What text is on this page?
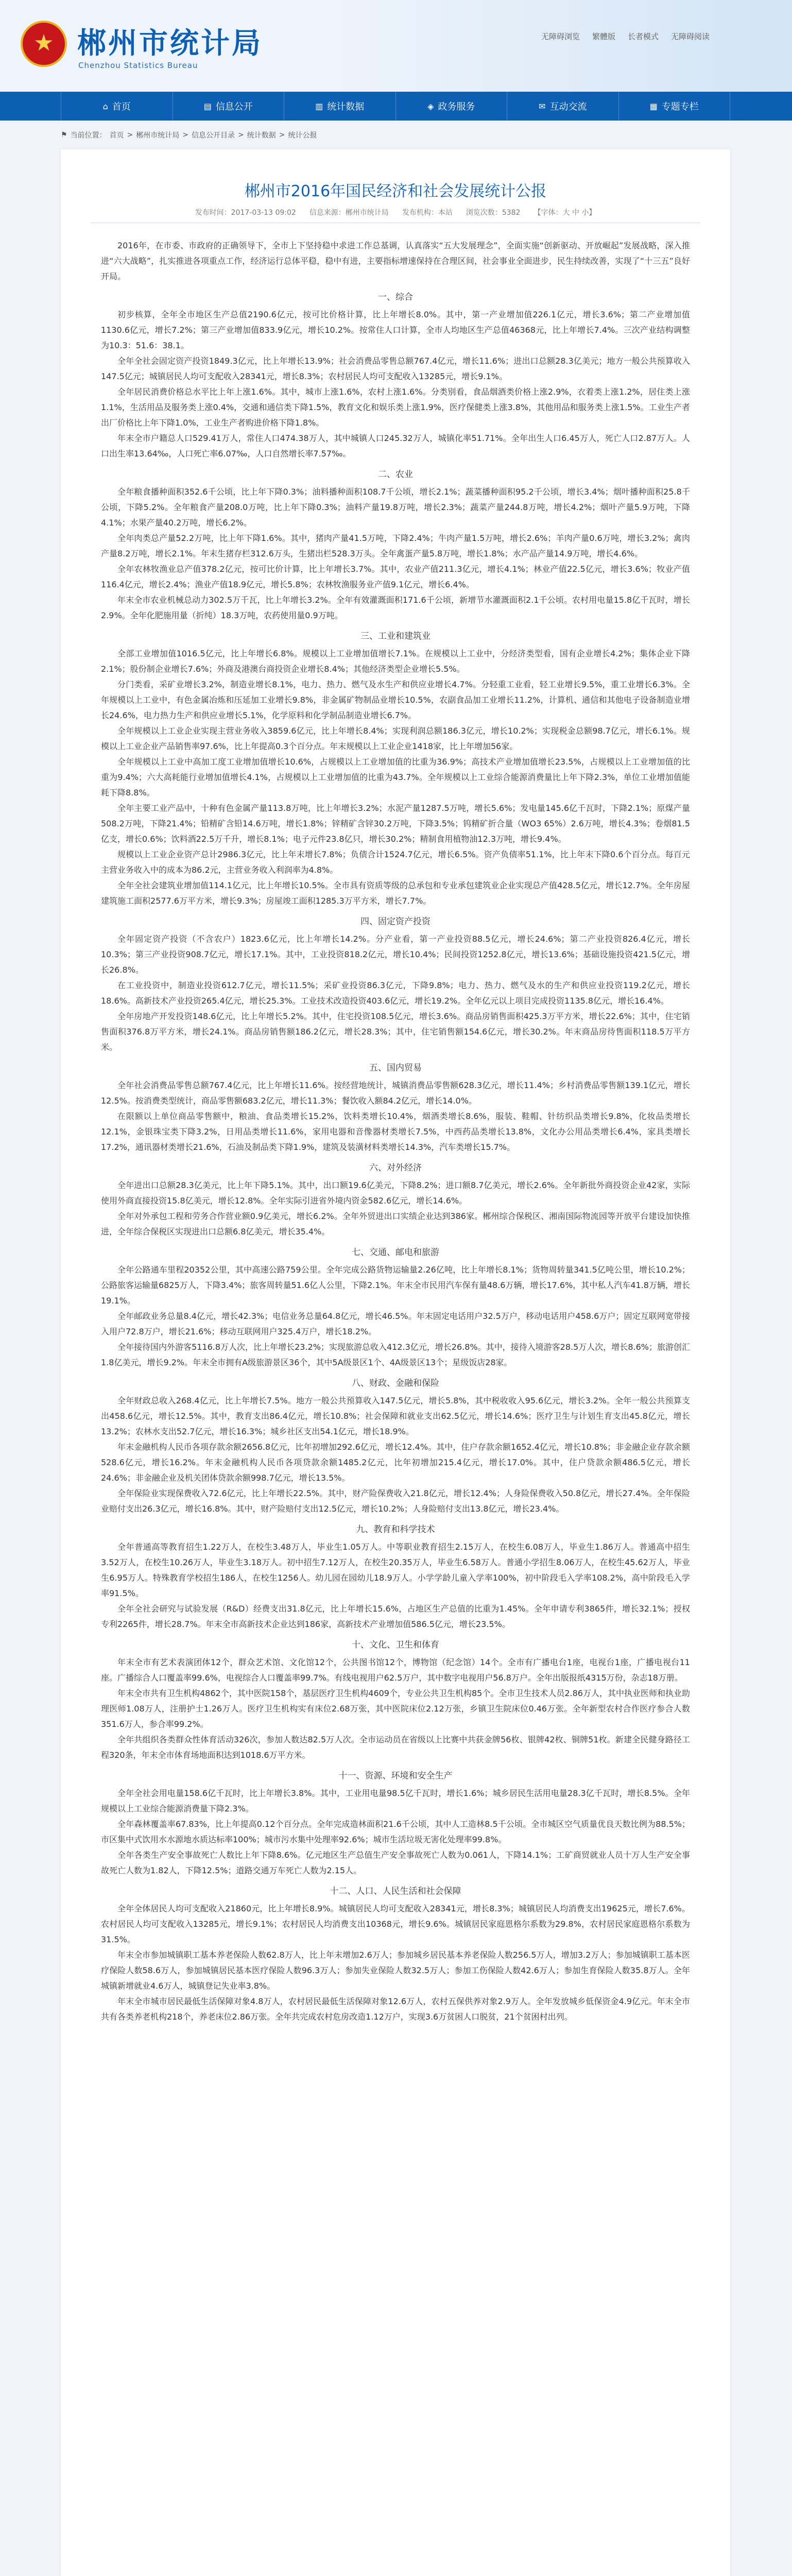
★
郴州市统计局
Chenzhou Statistics Bureau
无障碍浏览 繁體版 长者模式 无障碍阅读
⌂ 首页	▤ 信息公开	▥ 统计数据	◈ 政务服务	✉ 互动交流	▦ 专题专栏
⚑ 当前位置： 首页 > 郴州市统计局 > 信息公开目录 > 统计数据 > 统计公报
郴州市2016年国民经济和社会发展统计公报
发布时间：2017-03-13 09:02 信息来源：郴州市统计局 发布机构：本站 浏览次数：5382 【字体：大 中 小】

2016年，在市委、市政府的正确领导下，全市上下坚持稳中求进工作总基调，认真落实“五大发展理念”，全面实施“创新驱动、开放崛起”发展战略，深入推进“六大战略”，扎实推进各项重点工作，经济运行总体平稳，稳中有进，主要指标增速保持在合理区间，社会事业全面进步，民生持续改善，实现了“十三五”良好开局。

一、综合

初步核算，全年全市地区生产总值2190.6亿元，按可比价格计算，比上年增长8.0%。其中，第一产业增加值226.1亿元，增长3.6%；第二产业增加值1130.6亿元，增长7.2%；第三产业增加值833.9亿元，增长10.2%。按常住人口计算，全市人均地区生产总值46368元，比上年增长7.4%。三次产业结构调整为10.3：51.6：38.1。

全年全社会固定资产投资1849.3亿元，比上年增长13.9%；社会消费品零售总额767.4亿元，增长11.6%；进出口总额28.3亿美元；地方一般公共预算收入147.5亿元；城镇居民人均可支配收入28341元，增长8.3%；农村居民人均可支配收入13285元，增长9.1%。

全年居民消费价格总水平比上年上涨1.6%。其中，城市上涨1.6%，农村上涨1.6%。分类别看，食品烟酒类价格上涨2.9%，衣着类上涨1.2%，居住类上涨1.1%，生活用品及服务类上涨0.4%，交通和通信类下降1.5%，教育文化和娱乐类上涨1.9%，医疗保健类上涨3.8%，其他用品和服务类上涨1.5%。工业生产者出厂价格比上年下降1.0%，工业生产者购进价格下降1.8%。

年末全市户籍总人口529.41万人，常住人口474.38万人，其中城镇人口245.32万人，城镇化率51.71%。全年出生人口6.45万人，死亡人口2.87万人。人口出生率13.64‰，人口死亡率6.07‰，人口自然增长率7.57‰。

二、农业

全年粮食播种面积352.6千公顷，比上年下降0.3%；油料播种面积108.7千公顷，增长2.1%；蔬菜播种面积95.2千公顷，增长3.4%；烟叶播种面积25.8千公顷，下降5.2%。全年粮食产量208.0万吨，比上年下降0.3%；油料产量19.8万吨，增长2.3%；蔬菜产量244.8万吨，增长4.2%；烟叶产量5.9万吨，下降4.1%；水果产量40.2万吨，增长6.2%。

全年肉类总产量52.2万吨，比上年下降1.6%。其中，猪肉产量41.5万吨，下降2.4%；牛肉产量1.5万吨，增长2.6%；羊肉产量0.6万吨，增长3.2%；禽肉产量8.2万吨，增长2.1%。年末生猪存栏312.6万头，生猪出栏528.3万头。全年禽蛋产量5.8万吨，增长1.8%；水产品产量14.9万吨，增长4.6%。

全年农林牧渔业总产值378.2亿元，按可比价计算，比上年增长3.7%。其中，农业产值211.3亿元，增长4.1%；林业产值22.5亿元，增长3.6%；牧业产值116.4亿元，增长2.4%；渔业产值18.9亿元，增长5.8%；农林牧渔服务业产值9.1亿元，增长6.4%。

年末全市农业机械总动力302.5万千瓦，比上年增长3.2%。全年有效灌溉面积171.6千公顷，新增节水灌溉面积2.1千公顷。农村用电量15.8亿千瓦时，增长2.9%。全年化肥施用量（折纯）18.3万吨，农药使用量0.9万吨。

三、工业和建筑业

全部工业增加值1016.5亿元，比上年增长6.8%。规模以上工业增加值增长7.1%。在规模以上工业中，分经济类型看，国有企业增长4.2%；集体企业下降2.1%；股份制企业增长7.6%；外商及港澳台商投资企业增长8.4%；其他经济类型企业增长5.5%。

分门类看，采矿业增长3.2%，制造业增长8.1%，电力、热力、燃气及水生产和供应业增长4.7%。分轻重工业看，轻工业增长9.5%，重工业增长6.3%。全年规模以上工业中，有色金属冶炼和压延加工业增长9.8%，非金属矿物制品业增长10.5%，农副食品加工业增长11.2%，计算机、通信和其他电子设备制造业增长24.6%，电力热力生产和供应业增长5.1%，化学原料和化学制品制造业增长6.7%。

全年规模以上工业企业实现主营业务收入3859.6亿元，比上年增长8.4%；实现利润总额186.3亿元，增长10.2%；实现税金总额98.7亿元，增长6.1%。规模以上工业企业产品销售率97.6%，比上年提高0.3个百分点。年末规模以上工业企业1418家，比上年增加56家。

全年规模以上工业中高加工度工业增加值增长10.6%，占规模以上工业增加值的比重为36.9%；高技术产业增加值增长23.5%，占规模以上工业增加值的比重为9.4%；六大高耗能行业增加值增长4.1%，占规模以上工业增加值的比重为43.7%。全年规模以上工业综合能源消费量比上年下降2.3%，单位工业增加值能耗下降8.8%。

全年主要工业产品中，十种有色金属产量113.8万吨，比上年增长3.2%；水泥产量1287.5万吨，增长5.6%；发电量145.6亿千瓦时，下降2.1%；原煤产量508.2万吨，下降21.4%；铅精矿含铅14.6万吨，增长1.8%；锌精矿含锌30.2万吨，下降3.5%；钨精矿折合量（WO3 65%）2.6万吨，增长4.3%；卷烟81.5亿支，增长0.6%；饮料酒22.5万千升，增长8.1%；电子元件23.8亿只，增长30.2%；精制食用植物油12.3万吨，增长9.4%。

规模以上工业企业资产总计2986.3亿元，比上年末增长7.8%；负债合计1524.7亿元，增长6.5%。资产负债率51.1%，比上年末下降0.6个百分点。每百元主营业务收入中的成本为86.2元，主营业务收入利润率为4.8%。

全年全社会建筑业增加值114.1亿元，比上年增长10.5%。全市具有资质等级的总承包和专业承包建筑业企业实现总产值428.5亿元，增长12.7%。全年房屋建筑施工面积2577.6万平方米，增长9.3%；房屋竣工面积1285.3万平方米，增长7.7%。

四、固定资产投资

全年固定资产投资（不含农户）1823.6亿元，比上年增长14.2%。分产业看，第一产业投资88.5亿元，增长24.6%；第二产业投资826.4亿元，增长10.3%；第三产业投资908.7亿元，增长17.1%。其中，工业投资818.2亿元，增长10.4%；民间投资1252.8亿元，增长13.6%；基础设施投资421.5亿元，增长26.8%。

在工业投资中，制造业投资612.7亿元，增长11.5%；采矿业投资86.3亿元，下降9.8%；电力、热力、燃气及水的生产和供应业投资119.2亿元，增长18.6%。高新技术产业投资265.4亿元，增长25.3%。工业技术改造投资403.6亿元，增长19.2%。全年亿元以上项目完成投资1135.8亿元，增长16.4%。

全年房地产开发投资148.6亿元，比上年增长5.2%。其中，住宅投资108.5亿元，增长3.6%。商品房销售面积425.3万平方米，增长22.6%；其中，住宅销售面积376.8万平方米，增长24.1%。商品房销售额186.2亿元，增长28.3%；其中，住宅销售额154.6亿元，增长30.2%。年末商品房待售面积118.5万平方米。

五、国内贸易

全年社会消费品零售总额767.4亿元，比上年增长11.6%。按经营地统计，城镇消费品零售额628.3亿元，增长11.4%；乡村消费品零售额139.1亿元，增长12.5%。按消费类型统计，商品零售额683.2亿元，增长11.3%；餐饮收入额84.2亿元，增长14.0%。

在限额以上单位商品零售额中，粮油、食品类增长15.2%，饮料类增长10.4%，烟酒类增长8.6%，服装、鞋帽、针纺织品类增长9.8%，化妆品类增长12.1%，金银珠宝类下降3.2%，日用品类增长11.6%，家用电器和音像器材类增长7.5%，中西药品类增长13.8%，文化办公用品类增长6.4%，家具类增长17.2%，通讯器材类增长21.6%，石油及制品类下降1.9%，建筑及装潢材料类增长14.3%，汽车类增长15.7%。

六、对外经济

全年进出口总额28.3亿美元，比上年下降5.1%。其中，出口额19.6亿美元，下降8.2%；进口额8.7亿美元，增长2.6%。全年新批外商投资企业42家，实际使用外商直接投资15.8亿美元，增长12.8%。全年实际引进省外境内资金582.6亿元，增长14.6%。

全年对外承包工程和劳务合作营业额0.9亿美元，增长6.2%。全年外贸进出口实绩企业达到386家。郴州综合保税区、湘南国际物流园等开放平台建设加快推进，全年综合保税区实现进出口总额6.8亿美元，增长35.4%。

七、交通、邮电和旅游

全年公路通车里程20352公里，其中高速公路759公里。全年完成公路货物运输量2.26亿吨，比上年增长8.1%；货物周转量341.5亿吨公里，增长10.2%；公路旅客运输量6825万人，下降3.4%；旅客周转量51.6亿人公里，下降2.1%。年末全市民用汽车保有量48.6万辆，增长17.6%，其中私人汽车41.8万辆，增长19.1%。

全年邮政业务总量8.4亿元，增长42.3%；电信业务总量64.8亿元，增长46.5%。年末固定电话用户32.5万户，移动电话用户458.6万户；固定互联网宽带接入用户72.8万户，增长21.6%；移动互联网用户325.4万户，增长18.2%。

全年接待国内外游客5116.8万人次，比上年增长23.2%；实现旅游总收入412.3亿元，增长26.8%。其中，接待入境游客28.5万人次，增长8.6%；旅游创汇1.8亿美元，增长9.2%。年末全市拥有A级旅游景区36个，其中5A级景区1个、4A级景区13个；星级饭店28家。

八、财政、金融和保险

全年财政总收入268.4亿元，比上年增长7.5%。地方一般公共预算收入147.5亿元，增长5.8%，其中税收收入95.6亿元，增长3.2%。全年一般公共预算支出458.6亿元，增长12.5%。其中，教育支出86.4亿元，增长10.8%；社会保障和就业支出62.5亿元，增长14.6%；医疗卫生与计划生育支出45.8亿元，增长13.2%；农林水支出52.7亿元，增长16.3%；城乡社区支出54.1亿元，增长18.9%。

年末金融机构人民币各项存款余额2656.8亿元，比年初增加292.6亿元，增长12.4%。其中，住户存款余额1652.4亿元，增长10.8%；非金融企业存款余额528.6亿元，增长16.2%。年末金融机构人民币各项贷款余额1485.2亿元，比年初增加215.4亿元，增长17.0%。其中，住户贷款余额486.5亿元，增长24.6%；非金融企业及机关团体贷款余额998.7亿元，增长13.5%。

全年保险业实现保费收入72.6亿元，比上年增长22.5%。其中，财产险保费收入21.8亿元，增长12.4%；人身险保费收入50.8亿元，增长27.4%。全年保险业赔付支出26.3亿元，增长16.8%。其中，财产险赔付支出12.5亿元，增长10.2%；人身险赔付支出13.8亿元，增长23.4%。

九、教育和科学技术

全年普通高等教育招生1.22万人，在校生3.48万人，毕业生1.05万人。中等职业教育招生2.15万人，在校生6.08万人，毕业生1.86万人。普通高中招生3.52万人，在校生10.26万人，毕业生3.18万人。初中招生7.12万人，在校生20.35万人，毕业生6.58万人。普通小学招生8.06万人，在校生45.62万人，毕业生6.95万人。特殊教育学校招生186人，在校生1256人。幼儿园在园幼儿18.9万人。小学学龄儿童入学率100%，初中阶段毛入学率108.2%，高中阶段毛入学率91.5%。

全年全社会研究与试验发展（R&D）经费支出31.8亿元，比上年增长15.6%，占地区生产总值的比重为1.45%。全年申请专利3865件，增长32.1%；授权专利2265件，增长28.7%。年末全市高新技术企业达到186家，高新技术产业增加值586.5亿元，增长23.5%。

十、文化、卫生和体育

年末全市有艺术表演团体12个，群众艺术馆、文化馆12个，公共图书馆12个，博物馆（纪念馆）14个。全市有广播电台1座，电视台1座，广播电视台11座。广播综合人口覆盖率99.6%，电视综合人口覆盖率99.7%。有线电视用户62.5万户，其中数字电视用户56.8万户。全年出版报纸4315万份，杂志18万册。

年末全市共有卫生机构4862个，其中医院158个，基层医疗卫生机构4609个，专业公共卫生机构85个。全市卫生技术人员2.86万人，其中执业医师和执业助理医师1.08万人，注册护士1.26万人。医疗卫生机构实有床位2.68万张，其中医院床位2.12万张，乡镇卫生院床位0.46万张。全年新型农村合作医疗参合人数351.6万人，参合率99.2%。

全年共组织各类群众性体育活动326次，参加人数达82.5万人次。全市运动员在省级以上比赛中共获金牌56枚、银牌42枚、铜牌51枚。新建全民健身路径工程320条，年末全市体育场地面积达到1018.6万平方米。

十一、资源、环境和安全生产

全年全社会用电量158.6亿千瓦时，比上年增长3.8%。其中，工业用电量98.5亿千瓦时，增长1.6%；城乡居民生活用电量28.3亿千瓦时，增长8.5%。全年规模以上工业综合能源消费量下降2.3%。

全年森林覆盖率67.83%，比上年提高0.12个百分点。全年完成造林面积21.6千公顷，其中人工造林8.5千公顷。全市城区空气质量优良天数比例为88.5%；市区集中式饮用水水源地水质达标率100%；城市污水集中处理率92.6%；城市生活垃圾无害化处理率99.8%。

全年各类生产安全事故死亡人数比上年下降8.6%。亿元地区生产总值生产安全事故死亡人数为0.061人，下降14.1%；工矿商贸就业人员十万人生产安全事故死亡人数为1.82人，下降12.5%；道路交通万车死亡人数为2.15人。

十二、人口、人民生活和社会保障

全年全体居民人均可支配收入21860元，比上年增长8.9%。城镇居民人均可支配收入28341元，增长8.3%；城镇居民人均消费支出19625元，增长7.6%。农村居民人均可支配收入13285元，增长9.1%；农村居民人均消费支出10368元，增长9.6%。城镇居民家庭恩格尔系数为29.8%，农村居民家庭恩格尔系数为31.5%。

年末全市参加城镇职工基本养老保险人数62.8万人，比上年末增加2.6万人；参加城乡居民基本养老保险人数256.5万人，增加3.2万人；参加城镇职工基本医疗保险人数58.6万人，参加城镇居民基本医疗保险人数96.3万人；参加失业保险人数32.5万人；参加工伤保险人数42.6万人；参加生育保险人数35.8万人。全年城镇新增就业4.6万人，城镇登记失业率3.8%。

年末全市城市居民最低生活保障对象4.8万人，农村居民最低生活保障对象12.6万人，农村五保供养对象2.9万人。全年发放城乡低保资金4.9亿元。年末全市共有各类养老机构218个，养老床位2.86万张。全年共完成农村危房改造1.12万户，实现3.6万贫困人口脱贫，21个贫困村出列。
